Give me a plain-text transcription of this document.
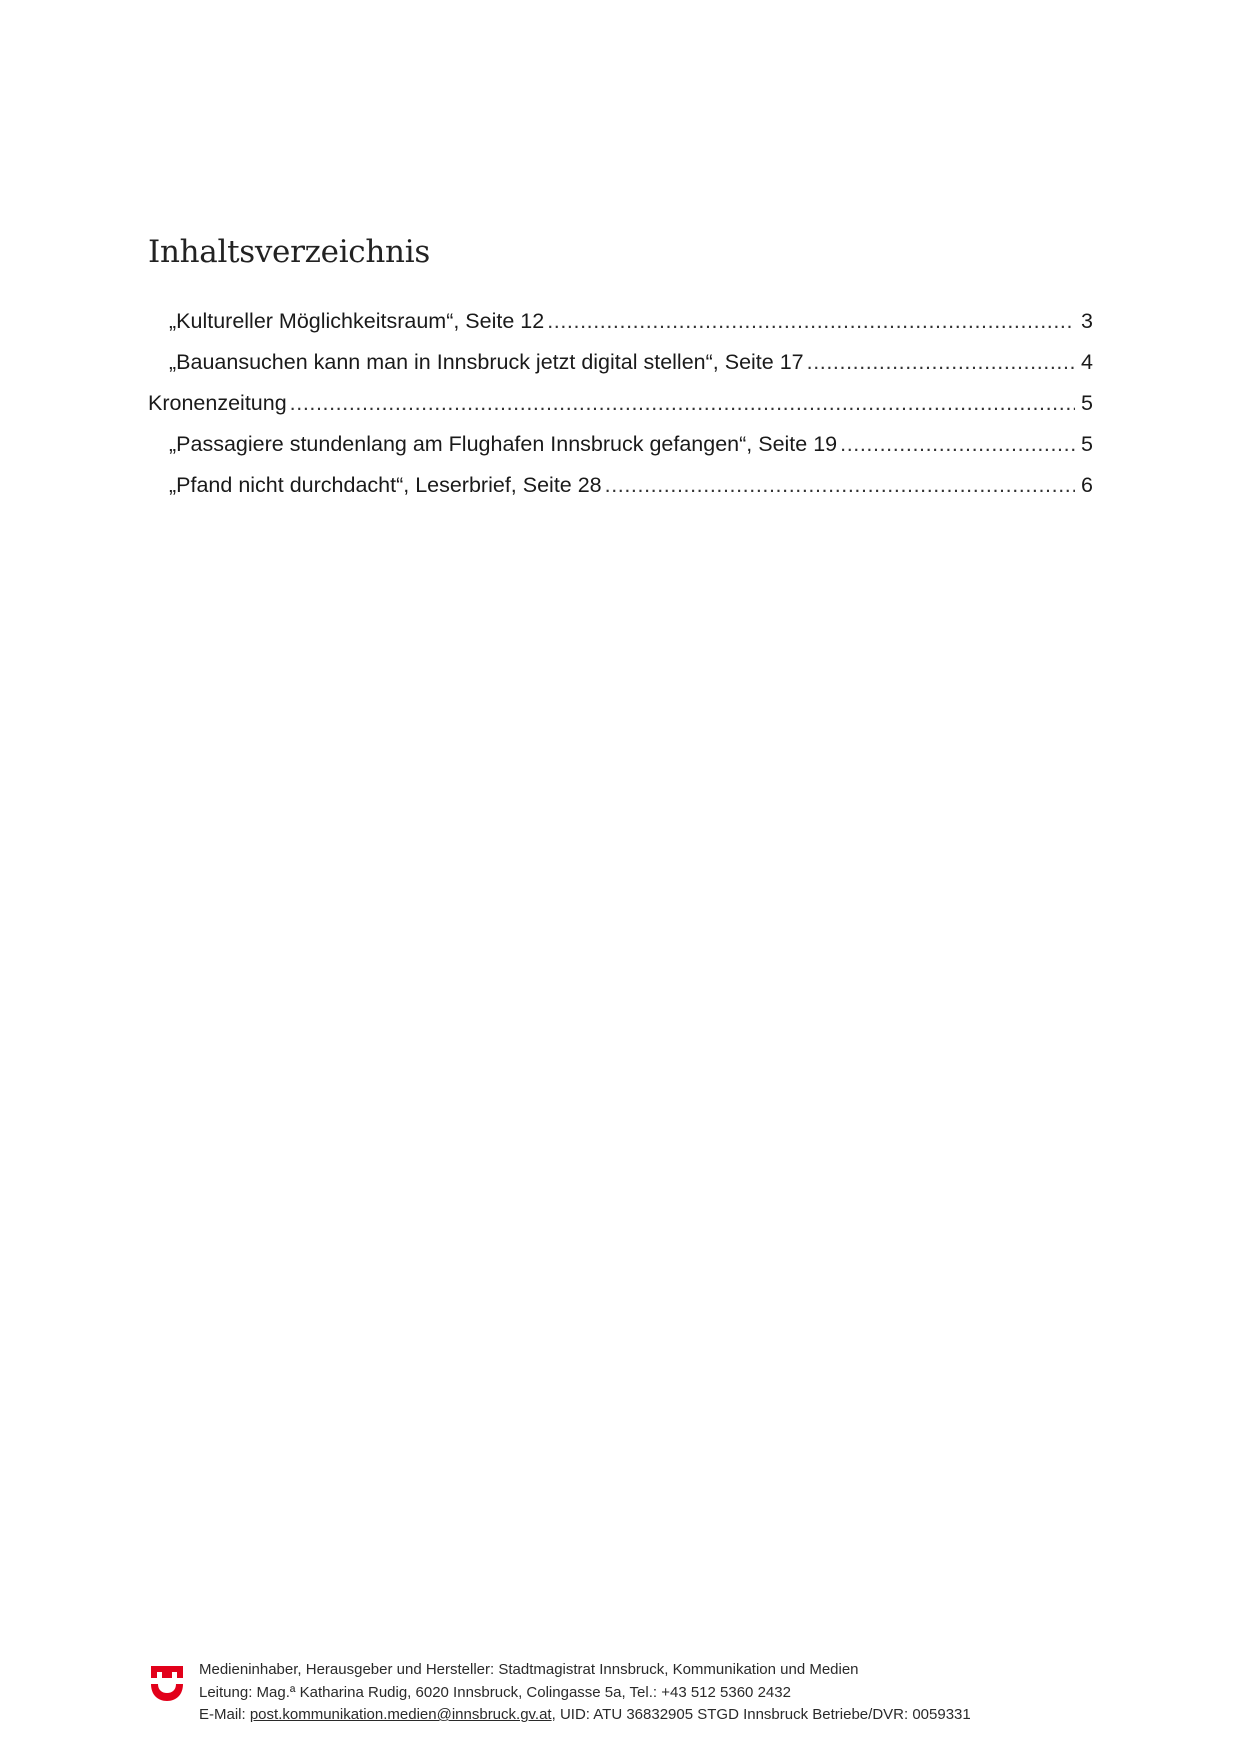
Inhaltsverzeichnis
„Kultureller Möglichkeitsraum“, Seite 12 .....	3
„Bauansuchen kann man in Innsbruck jetzt digital stellen“, Seite 17 .....	4
Kronenzeitung .....	5
„Passagiere stundenlang am Flughafen Innsbruck gefangen“, Seite 19 .....	5
„Pfand nicht durchdacht“, Leserbrief, Seite 28 .....	6
Medieninhaber, Herausgeber und Hersteller: Stadtmagistrat Innsbruck, Kommunikation und Medien
Leitung: Mag.ª Katharina Rudig, 6020 Innsbruck, Colingasse 5a, Tel.: +43 512 5360 2432
E-Mail: post.kommunikation.medien@innsbruck.gv.at, UID: ATU 36832905 STGD Innsbruck Betriebe/DVR: 0059331
